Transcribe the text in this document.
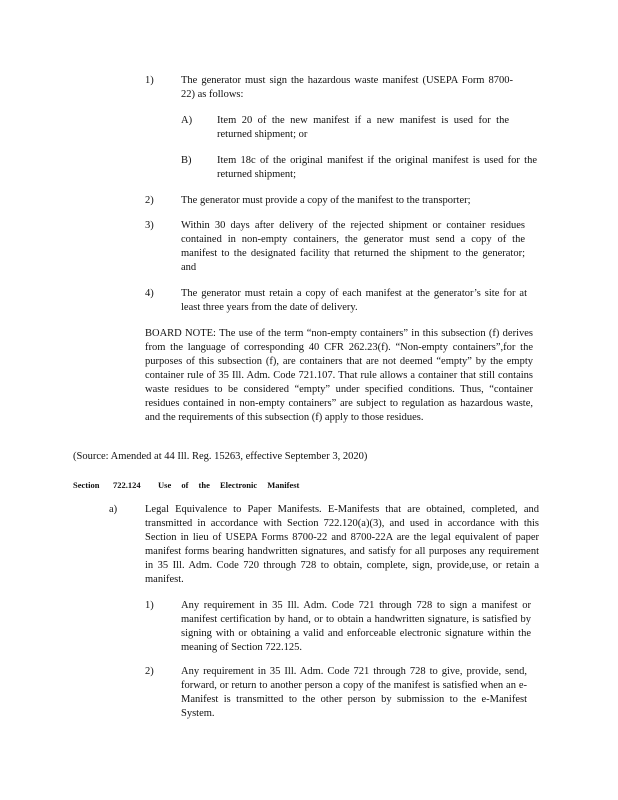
1)	The generator must sign the hazardous waste manifest (USEPA Form 8700-22) as follows:
A) Item 20 of the new manifest if a new manifest is used for the returned shipment; or
B) Item 18c of the original manifest if the original manifest is used for the returned shipment;
2)	The generator must provide a copy of the manifest to the transporter;
3)	Within 30 days after delivery of the rejected shipment or container residues contained in non-empty containers, the generator must send a copy of the manifest to the designated facility that returned the shipment to the generator; and
4)	The generator must retain a copy of each manifest at the generator’s site for at least three years from the date of delivery.
BOARD NOTE: The use of the term “non-empty containers” in this subsection (f) derives from the language of corresponding 40 CFR 262.23(f). “Non-empty containers”,for the purposes of this subsection (f), are containers that are not deemed “empty” by the empty container rule of 35 Ill. Adm. Code 721.107. That rule allows a container that still contains waste residues to be considered “empty” under specified conditions. Thus, “container residues contained in non-empty containers” are subject to regulation as hazardous waste, and the requirements of this subsection (f) apply to those residues.
(Source: Amended at 44 Ill. Reg. 15263, effective September 3, 2020)
Section 722.124 Use of the Electronic Manifest
a)	Legal Equivalence to Paper Manifests. E-Manifests that are obtained, completed, and transmitted in accordance with Section 722.120(a)(3), and used in accordance with this Section in lieu of USEPA Forms 8700-22 and 8700-22A are the legal equivalent of paper manifest forms bearing handwritten signatures, and satisfy for all purposes any requirement in 35 Ill. Adm. Code 720 through 728 to obtain, complete, sign, provide,use, or retain a manifest.
1)	Any requirement in 35 Ill. Adm. Code 721 through 728 to sign a manifest or manifest certification by hand, or to obtain a handwritten signature, is satisfied by signing with or obtaining a valid and enforceable electronic signature within the meaning of Section 722.125.
2)	Any requirement in 35 Ill. Adm. Code 721 through 728 to give, provide, send, forward, or return to another person a copy of the manifest is satisfied when an e-Manifest is transmitted to the other person by submission to the e-Manifest System.
